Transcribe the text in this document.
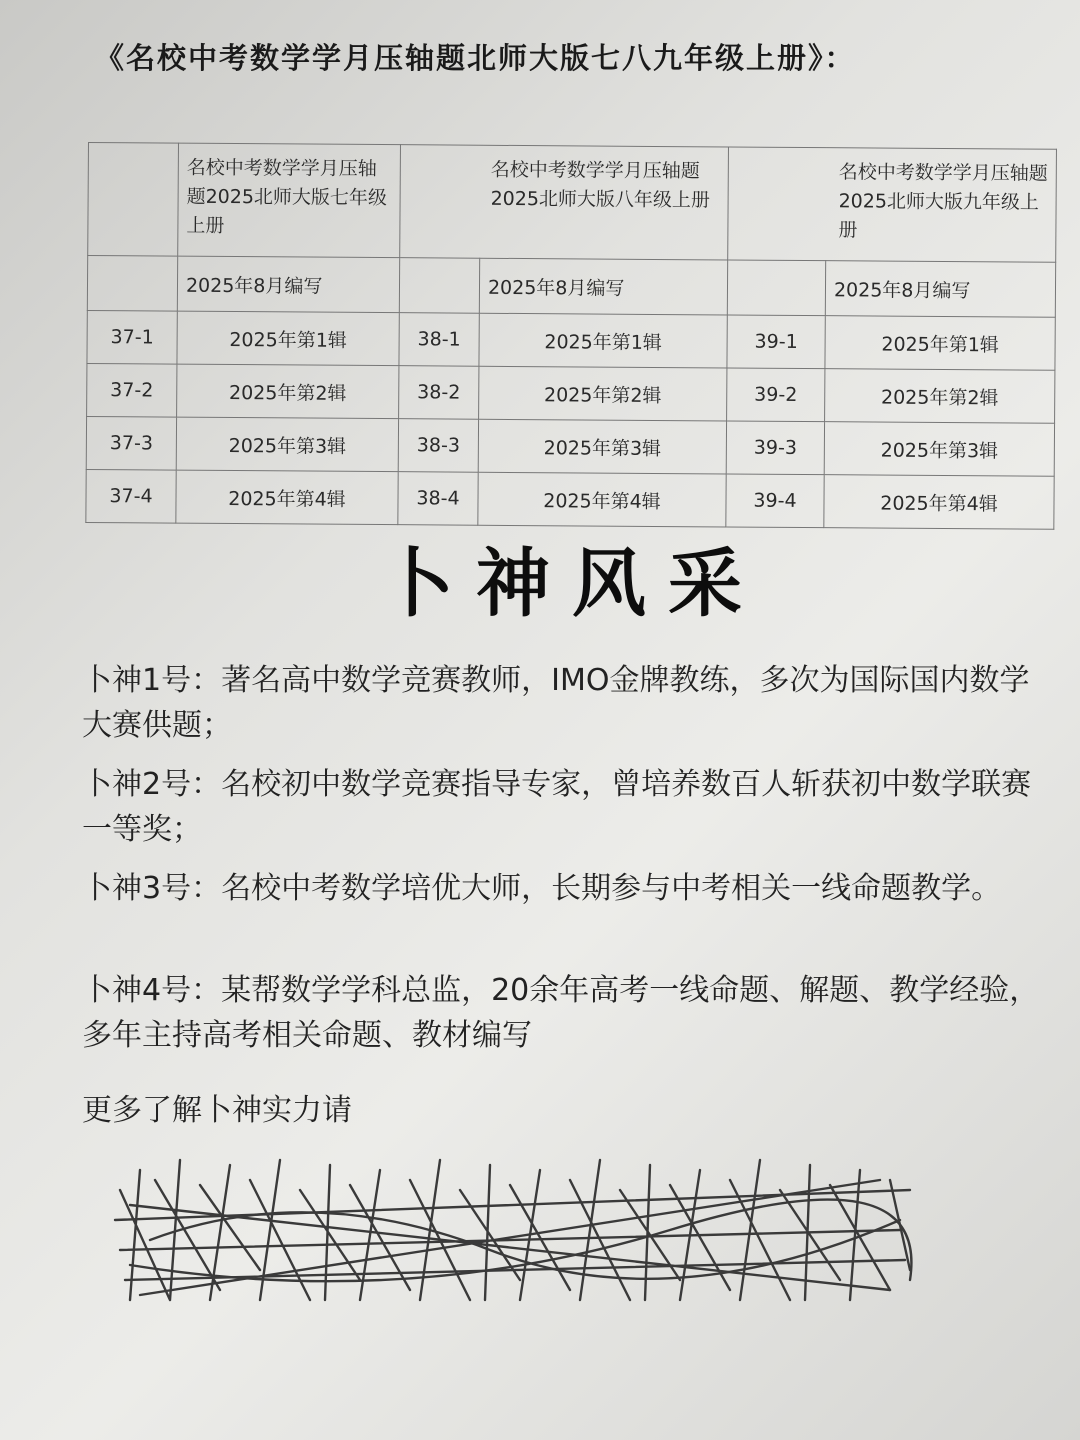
《名校中考数学学月压轴题北师大版七八九年级上册》：
	名校中考数学学月压轴题2025北师大版七年级上册	名校中考数学学月压轴题2025北师大版八年级上册		名校中考数学学月压轴题2025北师大版九年级上册	
	2025年8月编写		2025年8月编写		2025年8月编写
37-1	2025年第1辑	38-1	2025年第1辑	39-1	2025年第1辑
37-2	2025年第2辑	38-2	2025年第2辑	39-2	2025年第2辑
37-3	2025年第3辑	38-3	2025年第3辑	39-3	2025年第3辑
37-4	2025年第4辑	38-4	2025年第4辑	39-4	2025年第4辑
卜神风采
卜神1号：著名高中数学竞赛教师，IMO金牌教练，多次为国际国内数学大赛供题；
卜神2号：名校初中数学竞赛指导专家，曾培养数百人斩获初中数学联赛一等奖；
卜神3号：名校中考数学培优大师，长期参与中考相关一线命题教学。
卜神4号：某帮数学学科总监，20余年高考一线命题、解题、教学经验，多年主持高考相关命题、教材编写
更多了解卜神实力请
